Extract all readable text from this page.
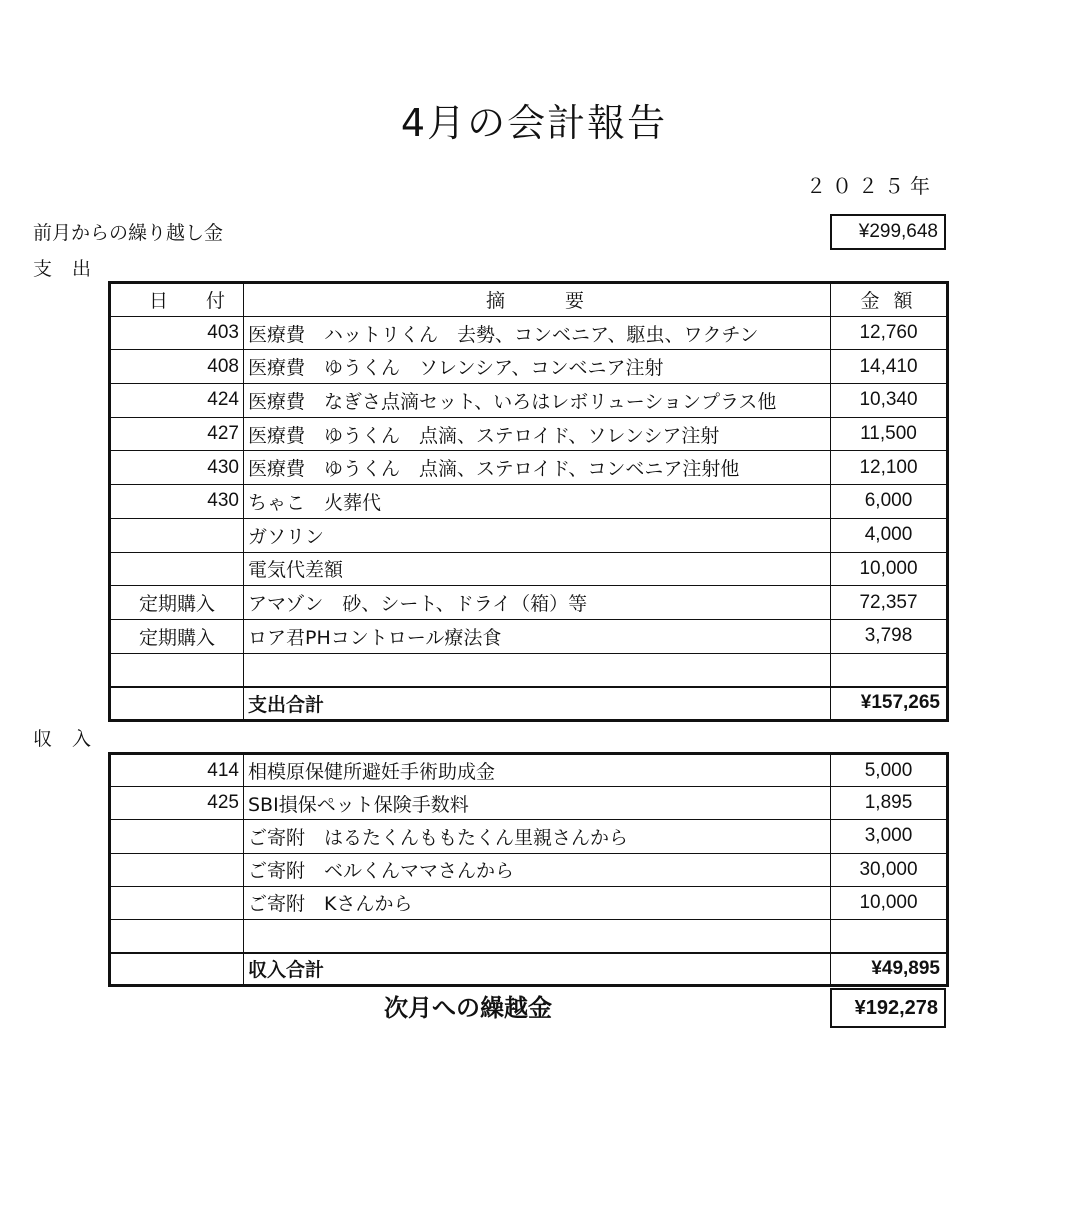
4月の会計報告
２０２５年
前月からの繰り越し金	¥299,648
支出
日付	摘要	金額
403	医療費　ハットリくん　去勢、コンベニア、駆虫、ワクチン	12,760
408	医療費　ゆうくん　ソレンシア、コンベニア注射	14,410
424	医療費　なぎさ点滴セット、いろはレボリューションプラス他	10,340
427	医療費　ゆうくん　点滴、ステロイド、ソレンシア注射	11,500
430	医療費　ゆうくん　点滴、ステロイド、コンベニア注射他	12,100
430	ちゃこ　火葬代	6,000
	ガソリン	4,000
	電気代差額	10,000
定期購入	アマゾン　砂、シート、ドライ（箱）等	72,357
定期購入	ロア君PHコントロール療法食	3,798

	支出合計	¥157,265
収入
414	相模原保健所避妊手術助成金	5,000
425	SBI損保ペット保険手数料	1,895
	ご寄附　はるたくんももたくん里親さんから	3,000
	ご寄附　ベルくんママさんから	30,000
	ご寄附　Kさんから	10,000

	収入合計	¥49,895
次月への繰越金	¥192,278
